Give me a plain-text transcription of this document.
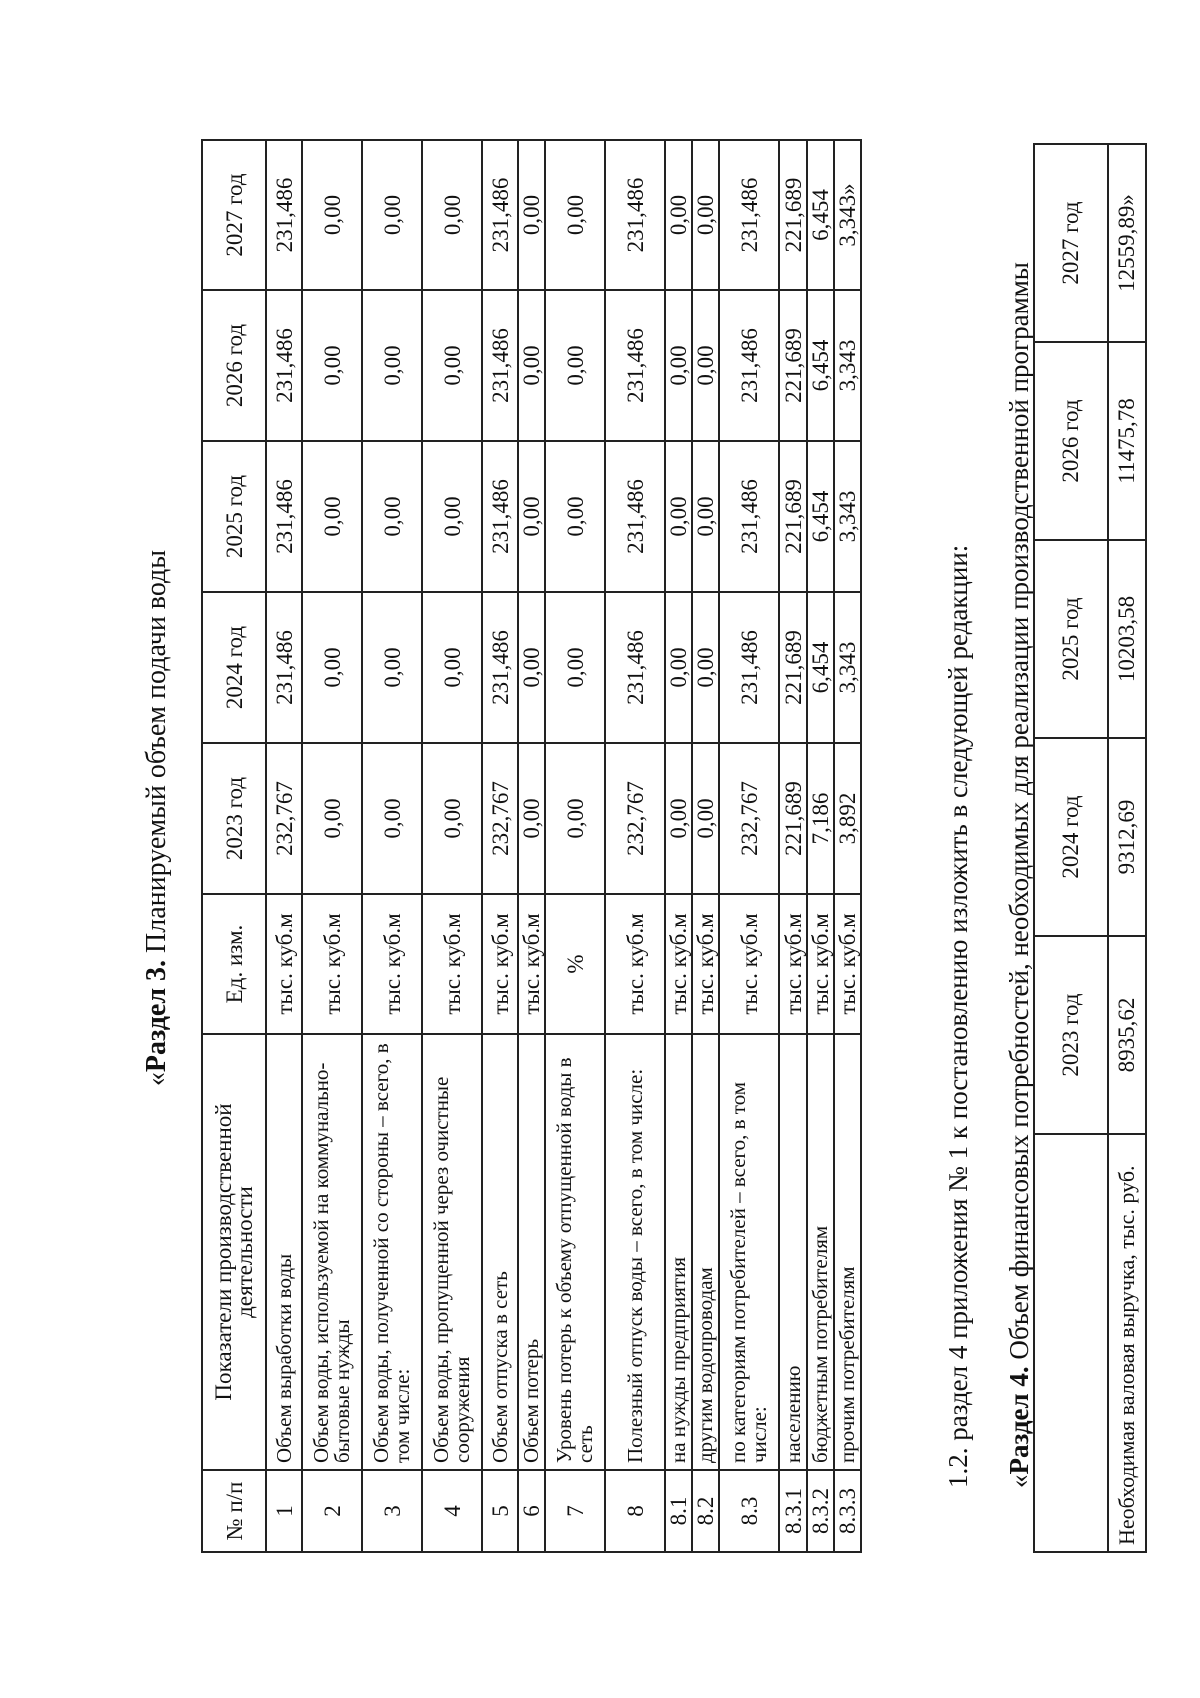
«Раздел 3. Планируемый объем подачи воды
№ п/п	Показатели производственной деятельности	Ед. изм.	2023 год	2024 год	2025 год	2026 год	2027 год
1	Объем выработки воды	тыс. куб.м	232,767	231,486	231,486	231,486	231,486
2	Объем воды, используемой на коммунально-бытовые нужды	тыс. куб.м	0,00	0,00	0,00	0,00	0,00
3	Объем воды, полученной со стороны – всего, в том числе:	тыс. куб.м	0,00	0,00	0,00	0,00	0,00
4	Объем воды, пропущенной через очистные сооружения	тыс. куб.м	0,00	0,00	0,00	0,00	0,00
5	Объем отпуска в сеть	тыс. куб.м	232,767	231,486	231,486	231,486	231,486
6	Объем потерь	тыс. куб.м	0,00	0,00	0,00	0,00	0,00
7	Уровень потерь к объему отпущенной воды в сеть	%	0,00	0,00	0,00	0,00	0,00
8	Полезный отпуск воды – всего, в том числе:	тыс. куб.м	232,767	231,486	231,486	231,486	231,486
8.1	на нужды предприятия	тыс. куб.м	0,00	0,00	0,00	0,00	0,00
8.2	другим водопроводам	тыс. куб.м	0,00	0,00	0,00	0,00	0,00
8.3	по категориям потребителей – всего, в том числе:	тыс. куб.м	232,767	231,486	231,486	231,486	231,486
8.3.1	населению	тыс. куб.м	221,689	221,689	221,689	221,689	221,689
8.3.2	бюджетным потребителям	тыс. куб.м	7,186	6,454	6,454	6,454	6,454
8.3.3	прочим потребителям	тыс. куб.м	3,892	3,343	3,343	3,343	3,343»
1.2. раздел 4 приложения № 1 к постановлению изложить в следующей редакции: «Раздел 4. Объем финансовых потребностей, необходимых для реализации производственной программы
	2023 год	2024 год	2025 год	2026 год	2027 год
Необходимая валовая выручка, тыс. руб.	8935,62	9312,69	10203,58	11475,78	12559,89»
